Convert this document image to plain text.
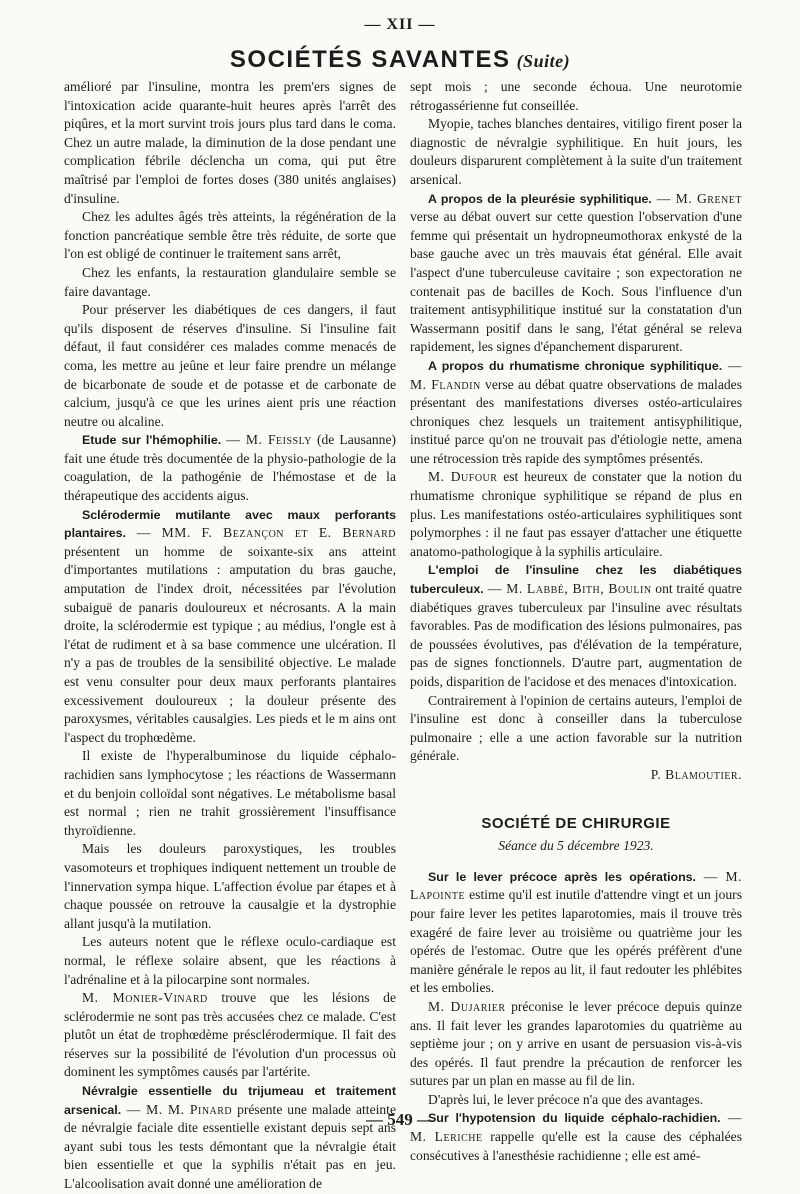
— XII —
SOCIÉTÉS SAVANTES (Suite)

amélioré par l'insuline, montra les prem'ers signes de l'intoxication acide quarante-huit heures après l'arrêt des piqûres, et la mort survint trois jours plus tard dans le coma. Chez un autre malade, la diminution de la dose pendant une complication fébrile déclencha un coma, qui put être maîtrisé par l'emploi de fortes doses (380 unités anglaises) d'insuline.

Chez les adultes âgés très atteints, la régénération de la fonction pancréatique semble être très réduite, de sorte que l'on est obligé de continuer le traitement sans arrêt,

Chez les enfants, la restauration glandulaire semble se faire davantage.

Pour préserver les diabétiques de ces dangers, il faut qu'ils disposent de réserves d'insuline. Si l'insuline fait défaut, il faut considérer ces malades comme menacés de coma, les mettre au jeûne et leur faire prendre un mélange de bicarbonate de soude et de potasse et de carbonate de calcium, jusqu'à ce que les urines aient pris une réaction neutre ou alcaline.

Etude sur l'hémophilie. — M. Feissly (de Lausanne) fait une étude très documentée de la physio-pathologie de la coagulation, de la pathogénie de l'hémostase et de la thérapeutique des accidents aigus.

Sclérodermie mutilante avec maux perforants plantaires. — MM. F. Bezançon et E. Bernard présentent un homme de soixante-six ans atteint d'importantes mutilations : amputation du bras gauche, amputation de l'index droit, nécessitées par l'évolution subaiguë de panaris douloureux et nécrosants. A la main droite, la sclérodermie est typique ; au médius, l'ongle est à l'état de rudiment et à sa base commence une ulcération. Il n'y a pas de troubles de la sensibilité objective. Le malade est venu consulter pour deux maux perforants plantaires excessivement douloureux ; la douleur présente des paroxysmes, véritables causalgies. Les pieds et le m ains ont l'aspect du trophœdème.

Il existe de l'hyperalbuminose du liquide céphalo-rachidien sans lymphocytose ; les réactions de Wassermann et du benjoin colloïdal sont négatives. Le métabolisme basal est normal ; rien ne trahit grossièrement l'insuffisance thyroïdienne.

Mais les douleurs paroxystiques, les troubles vasomoteurs et trophiques indiquent nettement un trouble de l'innervation sympa hique. L'affection évolue par étapes et à chaque poussée on retrouve la causalgie et la dystrophie allant jusqu'à la mutilation.

Les auteurs notent que le réflexe oculo-cardiaque est normal, le réflexe solaire absent, que les réactions à l'adrénaline et à la pilocarpine sont normales.

M. Monier-Vinard trouve que les lésions de sclérodermie ne sont pas très accusées chez ce malade. C'est plutôt un état de trophœdème présclérodermique. Il fait des réserves sur la possibilité de l'évolution d'un processus où dominent les symptômes causés par l'artérite.

Névralgie essentielle du trijumeau et traitement arsenical. — M. M. Pinard présente une malade atteinte de névralgie faciale dite essentielle existant depuis sept ans ayant subi tous les tests démontant que la névralgie était bien essentielle et que la syphilis n'était pas en jeu. L'alcoolisation avait donné une amélioration de

sept mois ; une seconde échoua. Une neurotomie rétrogassérienne fut conseillée.

Myopie, taches blanches dentaires, vitiligo firent poser la diagnostic de névralgie syphilitique. En huit jours, les douleurs disparurent complètement à la suite d'un traitement arsenical.

A propos de la pleurésie syphilitique. — M. Grenet verse au débat ouvert sur cette question l'observation d'une femme qui présentait un hydropneumothorax enkysté de la base gauche avec un très mauvais état général. Elle avait l'aspect d'une tuberculeuse cavitaire ; son expectoration ne contenait pas de bacilles de Koch. Sous l'influence d'un traitement antisyphilitique institué sur la constatation d'un Wassermann positif dans le sang, l'état général se releva rapidement, les signes d'épanchement disparurent.

A propos du rhumatisme chronique syphilitique. — M. Flandin verse au débat quatre observations de malades présentant des manifestations diverses ostéo-articulaires chroniques chez lesquels un traitement antisyphilitique, institué parce qu'on ne trouvait pas d'étiologie nette, amena une rétrocession très rapide des symptômes présentés.

M. Dufour est heureux de constater que la notion du rhumatisme chronique syphilitique se répand de plus en plus. Les manifestations ostéo-articulaires syphilitiques sont polymorphes : il ne faut pas essayer d'attacher une étiquette anatomo-pathologique à la syphilis articulaire.

L'emploi de l'insuline chez les diabétiques tuberculeux. — M. Labbé, Bith, Boulin ont traité quatre diabétiques graves tuberculeux par l'insuline avec résultats favorables. Pas de modification des lésions pulmonaires, pas de poussées évolutives, pas d'élévation de la température, pas de signes fonctionnels. D'autre part, augmentation de poids, disparition de l'acidose et des menaces d'intoxication.

Contrairement à l'opinion de certains auteurs, l'emploi de l'insuline est donc à conseiller dans la tuberculose pulmonaire ; elle a une action favorable sur la nutrition générale.

P. Blamoutier.

SOCIÉTÉ DE CHIRURGIE
Séance du 5 décembre 1923.

Sur le lever précoce après les opérations. — M. Lapointe estime qu'il est inutile d'attendre vingt et un jours pour faire lever les petites laparotomies, mais il trouve très exagéré de faire lever au troisième ou quatrième jour les opérés de l'estomac. Outre que les opérés préfèrent d'une manière générale le repos au lit, il faut redouter les phlébites et les embolies.

M. Dujarier préconise le lever précoce depuis quinze ans. Il fait lever les grandes laparotomies du quatrième au septième jour ; on y arrive en usant de persuasion vis-à-vis des opérés. Il faut prendre la précaution de renforcer les sutures par un plan en masse au fil de lin.

D'après lui, le lever précoce n'a que des avantages.

Sur l'hypotension du liquide céphalo-rachidien. — M. Leriche rappelle qu'elle est la cause des céphalées consécutives à l'anesthésie rachidienne ; elle est amé-

— 549 —
